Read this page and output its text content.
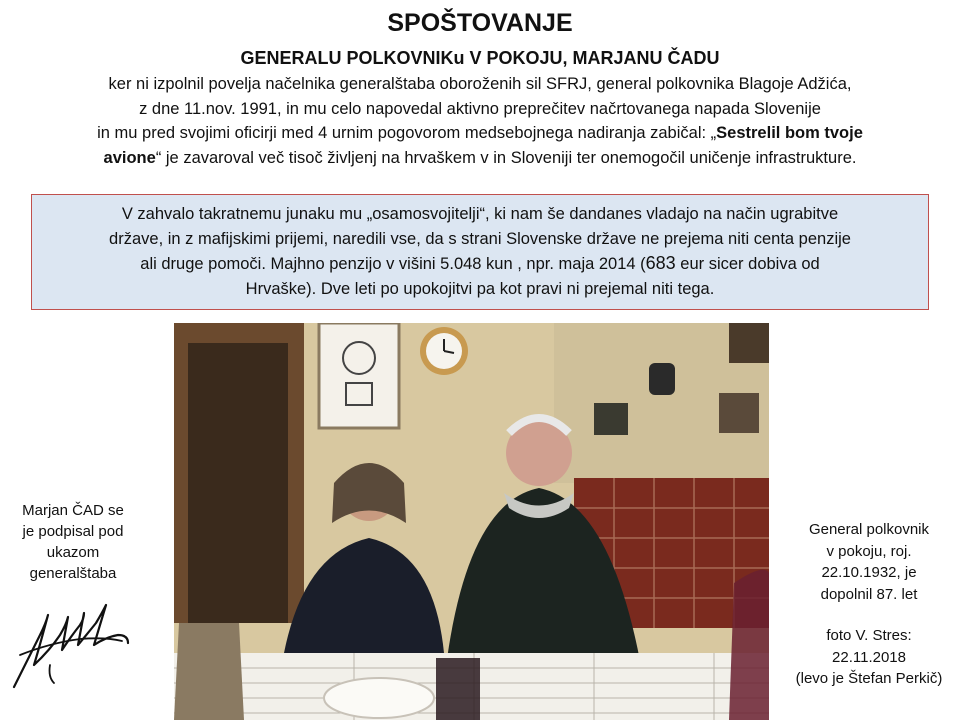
SPOŠTOVANJE
GENERALU POLKOVNIKu V POKOJU, MARJANU ČADU
ker ni izpolnil povelja načelnika generalštaba oboroženih sil SFRJ, general polkovnika Blagoje Adžića,
z dne 11.nov. 1991, in mu celo napovedal aktivno preprečitev načrtovanega napada Slovenije
in mu pred svojimi oficirji med 4 urnim pogovorom medsebojnega nadiranja zabičal: „Sestrelil bom tvoje
avione“ je zavaroval več tisoč življenj na hrvaškem v in Sloveniji ter onemogočil uničenje infrastrukture.
V zahvalo takratnemu junaku mu „osamosvojitelji“, ki nam še dandanes vladajo na način ugrabitve
države, in z mafijskimi prijemi, naredili vse, da s strani Slovenske države ne prejema niti centa penzije
ali druge pomoči. Majhno penzijo v višini 5.048 kun , npr. maja 2014 (683 eur sicer dobiva od
Hrvaške). Dve leti po upokojitvi pa kot pravi ni prejemal niti tega.
Marjan ČAD se
je podpisal pod
ukazom
generalštaba
General polkovnik
v pokoju, roj.
22.10.1932, je
dopolnil 87. let
foto V. Stres:
22.11.2018
(levo je Štefan Perkič)
